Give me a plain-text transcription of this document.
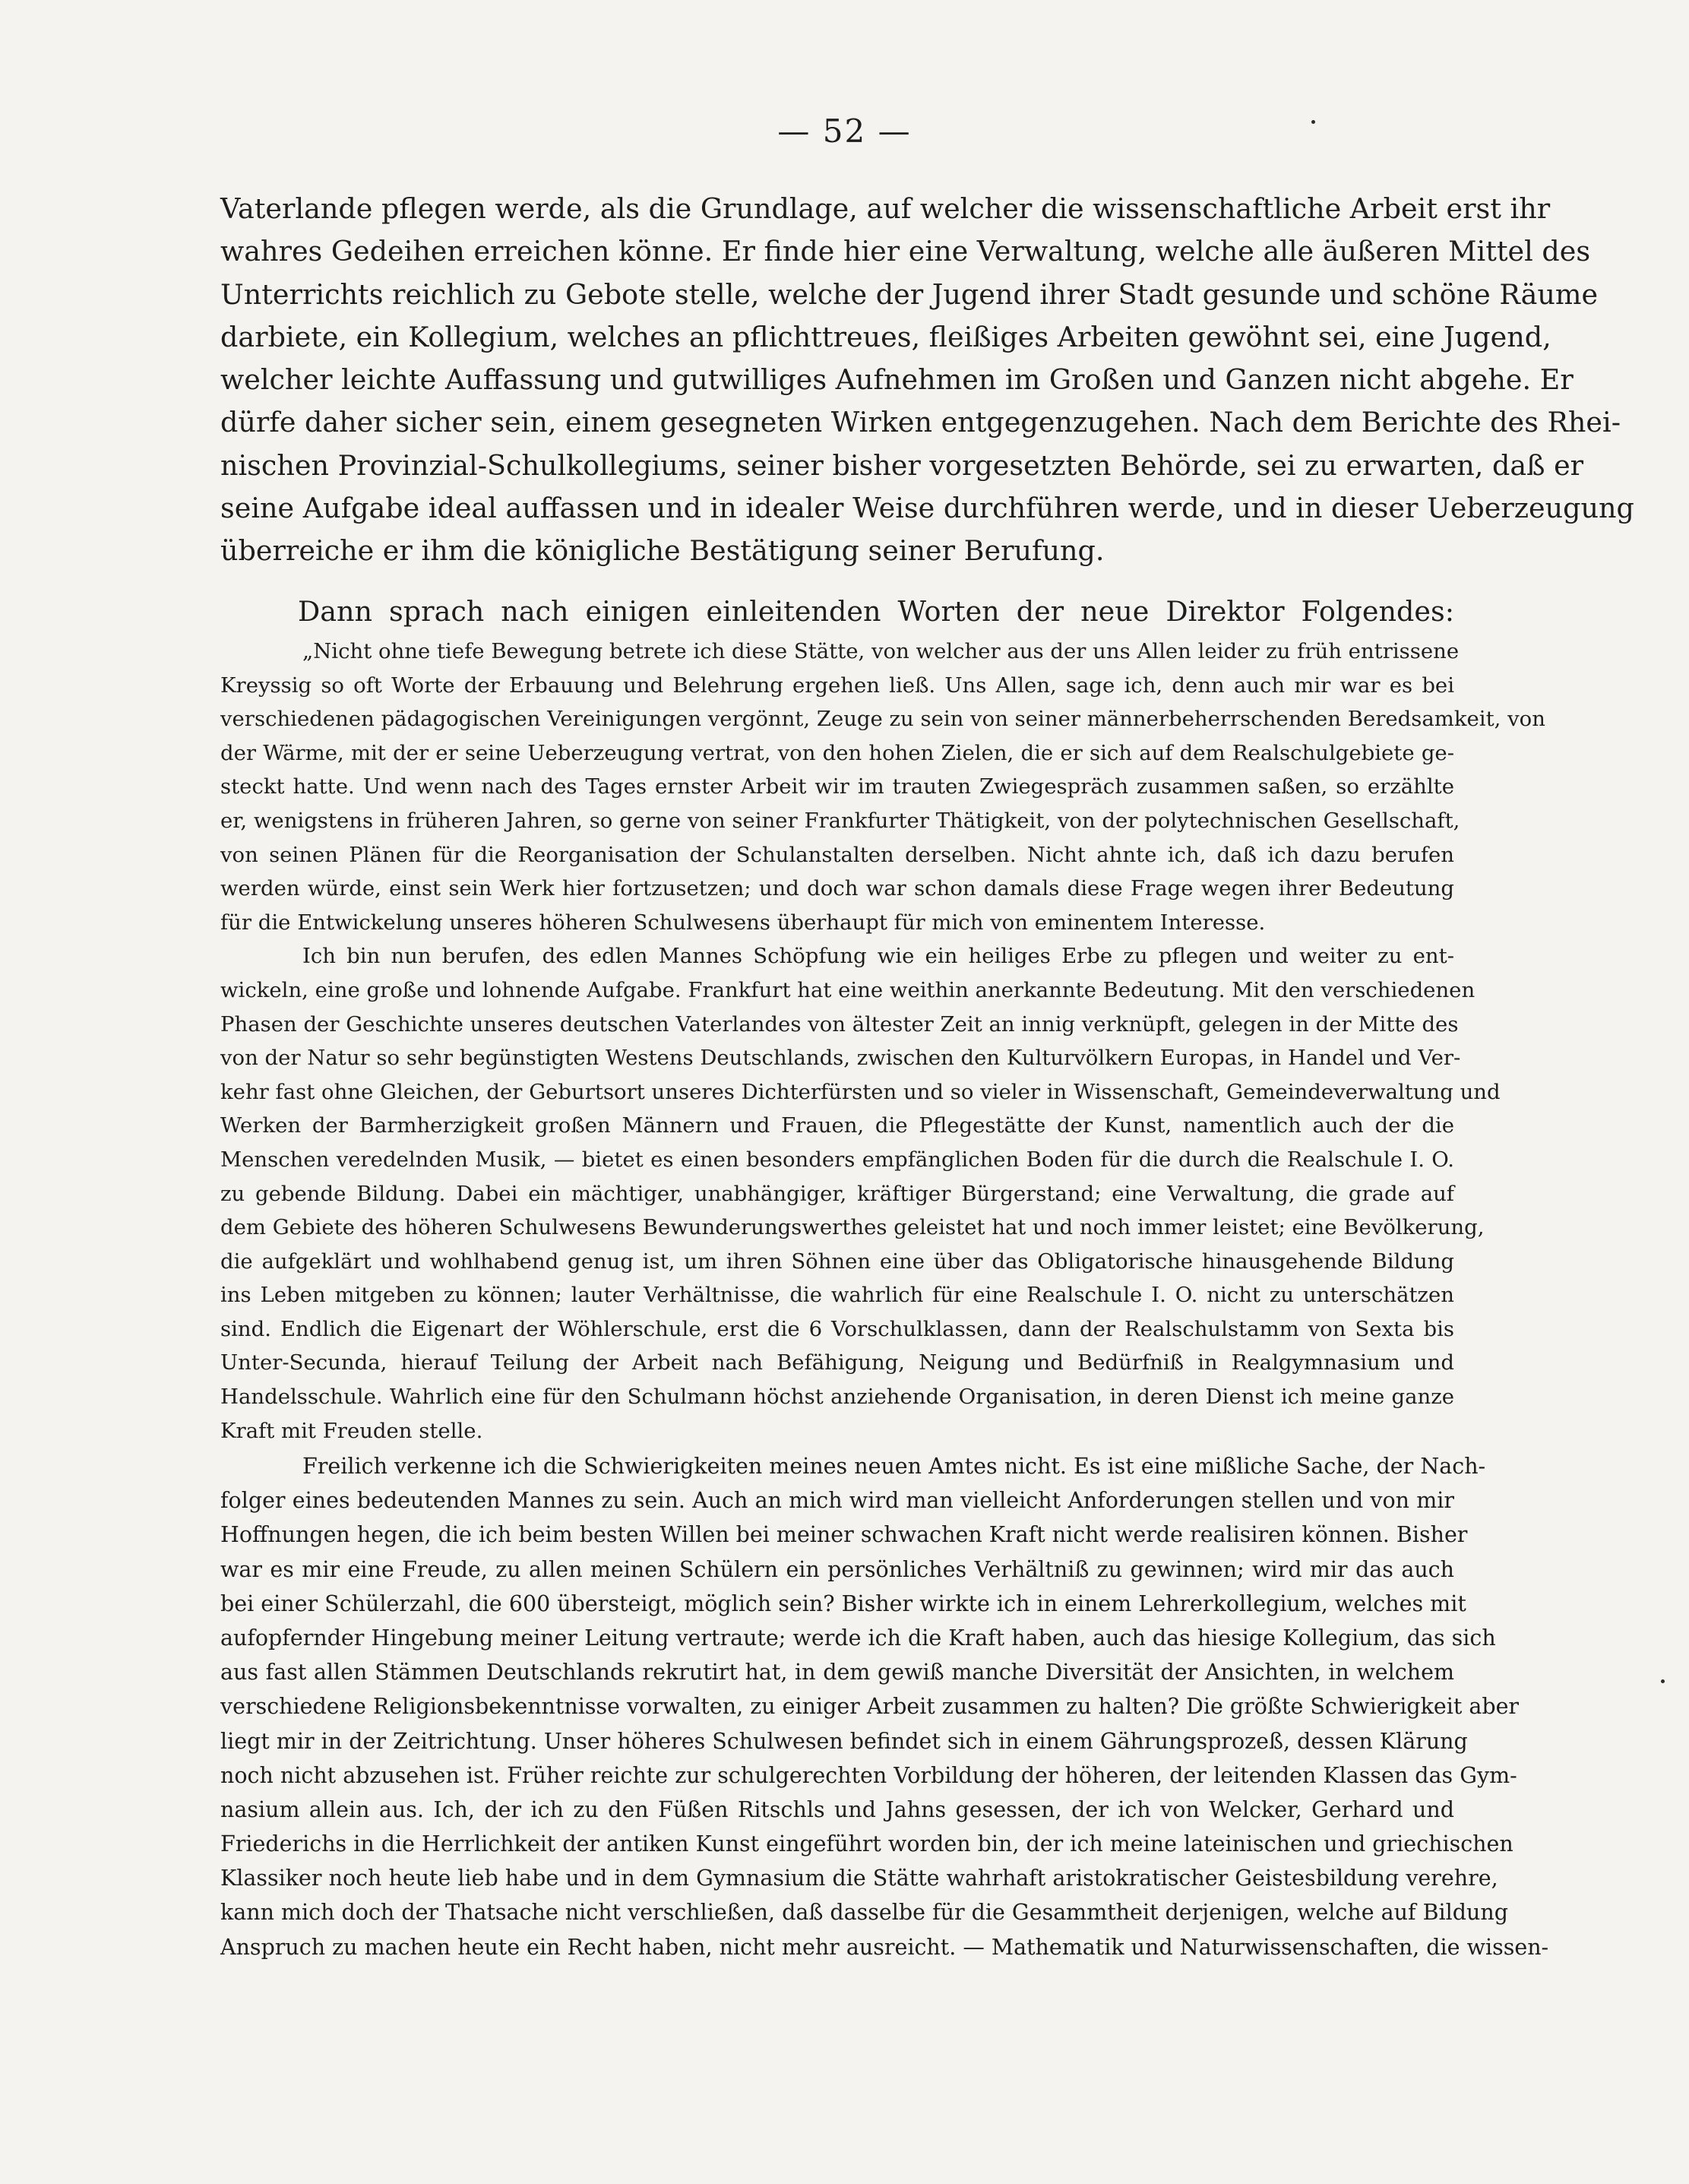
— 52 —
Vaterlande pflegen werde, als die Grundlage, auf welcher die wissenschaftliche Arbeit erst ihr
wahres Gedeihen erreichen könne. Er finde hier eine Verwaltung, welche alle äußeren Mittel des
Unterrichts reichlich zu Gebote stelle, welche der Jugend ihrer Stadt gesunde und schöne Räume
darbiete, ein Kollegium, welches an pflichttreues, fleißiges Arbeiten gewöhnt sei, eine Jugend,
welcher leichte Auffassung und gutwilliges Aufnehmen im Großen und Ganzen nicht abgehe. Er
dürfe daher sicher sein, einem gesegneten Wirken entgegenzugehen. Nach dem Berichte des Rhei-
nischen Provinzial-Schulkollegiums, seiner bisher vorgesetzten Behörde, sei zu erwarten, daß er
seine Aufgabe ideal auffassen und in idealer Weise durchführen werde, und in dieser Ueberzeugung
überreiche er ihm die königliche Bestätigung seiner Berufung.
Dann sprach nach einigen einleitenden Worten der neue Direktor Folgendes:
„Nicht ohne tiefe Bewegung betrete ich diese Stätte, von welcher aus der uns Allen leider zu früh entrissene
Kreyssig so oft Worte der Erbauung und Belehrung ergehen ließ. Uns Allen, sage ich, denn auch mir war es bei
verschiedenen pädagogischen Vereinigungen vergönnt, Zeuge zu sein von seiner männerbeherrschenden Beredsamkeit, von
der Wärme, mit der er seine Ueberzeugung vertrat, von den hohen Zielen, die er sich auf dem Realschulgebiete ge-
steckt hatte. Und wenn nach des Tages ernster Arbeit wir im trauten Zwiegespräch zusammen saßen, so erzählte
er, wenigstens in früheren Jahren, so gerne von seiner Frankfurter Thätigkeit, von der polytechnischen Gesellschaft,
von seinen Plänen für die Reorganisation der Schulanstalten derselben. Nicht ahnte ich, daß ich dazu berufen
werden würde, einst sein Werk hier fortzusetzen; und doch war schon damals diese Frage wegen ihrer Bedeutung
für die Entwickelung unseres höheren Schulwesens überhaupt für mich von eminentem Interesse.
Ich bin nun berufen, des edlen Mannes Schöpfung wie ein heiliges Erbe zu pflegen und weiter zu ent-
wickeln, eine große und lohnende Aufgabe. Frankfurt hat eine weithin anerkannte Bedeutung. Mit den verschiedenen
Phasen der Geschichte unseres deutschen Vaterlandes von ältester Zeit an innig verknüpft, gelegen in der Mitte des
von der Natur so sehr begünstigten Westens Deutschlands, zwischen den Kulturvölkern Europas, in Handel und Ver-
kehr fast ohne Gleichen, der Geburtsort unseres Dichterfürsten und so vieler in Wissenschaft, Gemeindeverwaltung und
Werken der Barmherzigkeit großen Männern und Frauen, die Pflegestätte der Kunst, namentlich auch der die
Menschen veredelnden Musik, — bietet es einen besonders empfänglichen Boden für die durch die Realschule I. O.
zu gebende Bildung. Dabei ein mächtiger, unabhängiger, kräftiger Bürgerstand; eine Verwaltung, die grade auf
dem Gebiete des höheren Schulwesens Bewunderungswerthes geleistet hat und noch immer leistet; eine Bevölkerung,
die aufgeklärt und wohlhabend genug ist, um ihren Söhnen eine über das Obligatorische hinausgehende Bildung
ins Leben mitgeben zu können; lauter Verhältnisse, die wahrlich für eine Realschule I. O. nicht zu unterschätzen
sind. Endlich die Eigenart der Wöhlerschule, erst die 6 Vorschulklassen, dann der Realschulstamm von Sexta bis
Unter-Secunda, hierauf Teilung der Arbeit nach Befähigung, Neigung und Bedürfniß in Realgymnasium und
Handelsschule. Wahrlich eine für den Schulmann höchst anziehende Organisation, in deren Dienst ich meine ganze
Kraft mit Freuden stelle.
Freilich verkenne ich die Schwierigkeiten meines neuen Amtes nicht. Es ist eine mißliche Sache, der Nach-
folger eines bedeutenden Mannes zu sein. Auch an mich wird man vielleicht Anforderungen stellen und von mir
Hoffnungen hegen, die ich beim besten Willen bei meiner schwachen Kraft nicht werde realisiren können. Bisher
war es mir eine Freude, zu allen meinen Schülern ein persönliches Verhältniß zu gewinnen; wird mir das auch
bei einer Schülerzahl, die 600 übersteigt, möglich sein? Bisher wirkte ich in einem Lehrerkollegium, welches mit
aufopfernder Hingebung meiner Leitung vertraute; werde ich die Kraft haben, auch das hiesige Kollegium, das sich
aus fast allen Stämmen Deutschlands rekrutirt hat, in dem gewiß manche Diversität der Ansichten, in welchem
verschiedene Religionsbekenntnisse vorwalten, zu einiger Arbeit zusammen zu halten? Die größte Schwierigkeit aber
liegt mir in der Zeitrichtung. Unser höheres Schulwesen befindet sich in einem Gährungsprozeß, dessen Klärung
noch nicht abzusehen ist. Früher reichte zur schulgerechten Vorbildung der höheren, der leitenden Klassen das Gym-
nasium allein aus. Ich, der ich zu den Füßen Ritschls und Jahns gesessen, der ich von Welcker, Gerhard und
Friederichs in die Herrlichkeit der antiken Kunst eingeführt worden bin, der ich meine lateinischen und griechischen
Klassiker noch heute lieb habe und in dem Gymnasium die Stätte wahrhaft aristokratischer Geistesbildung verehre,
kann mich doch der Thatsache nicht verschließen, daß dasselbe für die Gesammtheit derjenigen, welche auf Bildung
Anspruch zu machen heute ein Recht haben, nicht mehr ausreicht. — Mathematik und Naturwissenschaften, die wissen-
